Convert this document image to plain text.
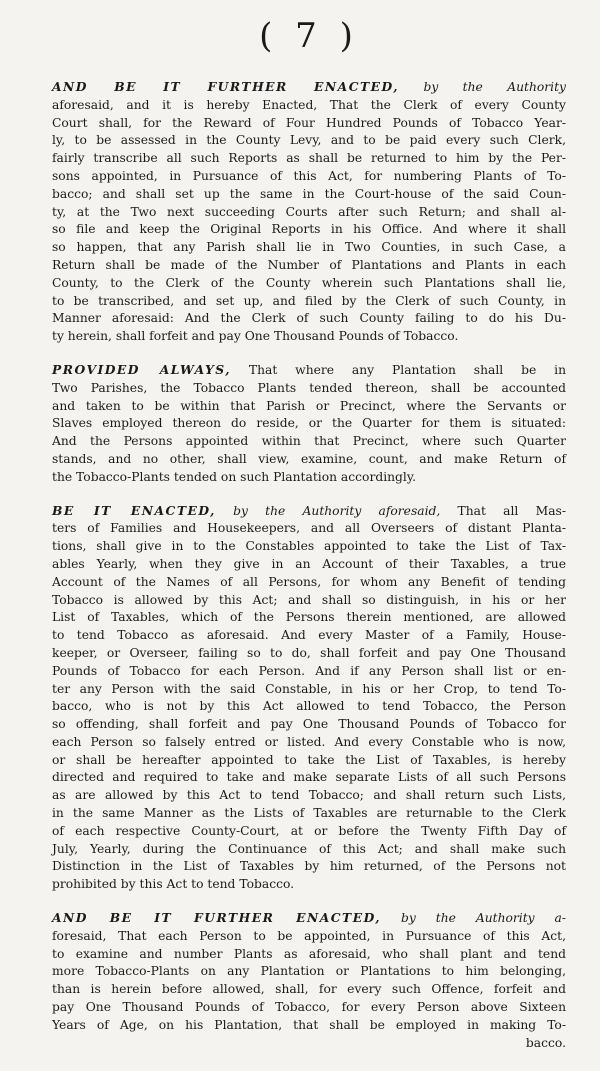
( 7 )
AND BE IT FURTHER ENACTED, by the Authority
aforesaid, and it is hereby Enacted, That the Clerk of every County
Court shall, for the Reward of Four Hundred Pounds of Tobacco Year-
ly, to be assessed in the County Levy, and to be paid every such Clerk,
fairly transcribe all such Reports as shall be returned to him by the Per-
sons appointed, in Pursuance of this Act, for numbering Plants of To-
bacco; and shall set up the same in the Court-house of the said Coun-
ty, at the Two next succeeding Courts after such Return; and shall al-
so file and keep the Original Reports in his Office. And where it shall
so happen, that any Parish shall lie in Two Counties, in such Case, a
Return shall be made of the Number of Plantations and Plants in each
County, to the Clerk of the County wherein such Plantations shall lie,
to be transcribed, and set up, and filed by the Clerk of such County, in
Manner aforesaid: And the Clerk of such County failing to do his Du-
ty herein, shall forfeit and pay One Thousand Pounds of Tobacco.
PROVIDED ALWAYS, That where any Plantation shall be in
Two Parishes, the Tobacco Plants tended thereon, shall be accounted
and taken to be within that Parish or Precinct, where the Servants or
Slaves employed thereon do reside, or the Quarter for them is situated:
And the Persons appointed within that Precinct, where such Quarter
stands, and no other, shall view, examine, count, and make Return of
the Tobacco-Plants tended on such Plantation accordingly.
BE IT ENACTED, by the Authority aforesaid, That all Mas-
ters of Families and Housekeepers, and all Overseers of distant Planta-
tions, shall give in to the Constables appointed to take the List of Tax-
ables Yearly, when they give in an Account of their Taxables, a true
Account of the Names of all Persons, for whom any Benefit of tending
Tobacco is allowed by this Act; and shall so distinguish, in his or her
List of Taxables, which of the Persons therein mentioned, are allowed
to tend Tobacco as aforesaid. And every Master of a Family, House-
keeper, or Overseer, failing so to do, shall forfeit and pay One Thousand
Pounds of Tobacco for each Person. And if any Person shall list or en-
ter any Person with the said Constable, in his or her Crop, to tend To-
bacco, who is not by this Act allowed to tend Tobacco, the Person
so offending, shall forfeit and pay One Thousand Pounds of Tobacco for
each Person so falsely entred or listed. And every Constable who is now,
or shall be hereafter appointed to take the List of Taxables, is hereby
directed and required to take and make separate Lists of all such Persons
as are allowed by this Act to tend Tobacco; and shall return such Lists,
in the same Manner as the Lists of Taxables are returnable to the Clerk
of each respective County-Court, at or before the Twenty Fifth Day of
July, Yearly, during the Continuance of this Act; and shall make such
Distinction in the List of Taxables by him returned, of the Persons not
prohibited by this Act to tend Tobacco.
AND BE IT FURTHER ENACTED, by the Authority a-
foresaid, That each Person to be appointed, in Pursuance of this Act,
to examine and number Plants as aforesaid, who shall plant and tend
more Tobacco-Plants on any Plantation or Plantations to him belonging,
than is herein before allowed, shall, for every such Offence, forfeit and
pay One Thousand Pounds of Tobacco, for every Person above Sixteen
Years of Age, on his Plantation, that shall be employed in making To-
bacco.
